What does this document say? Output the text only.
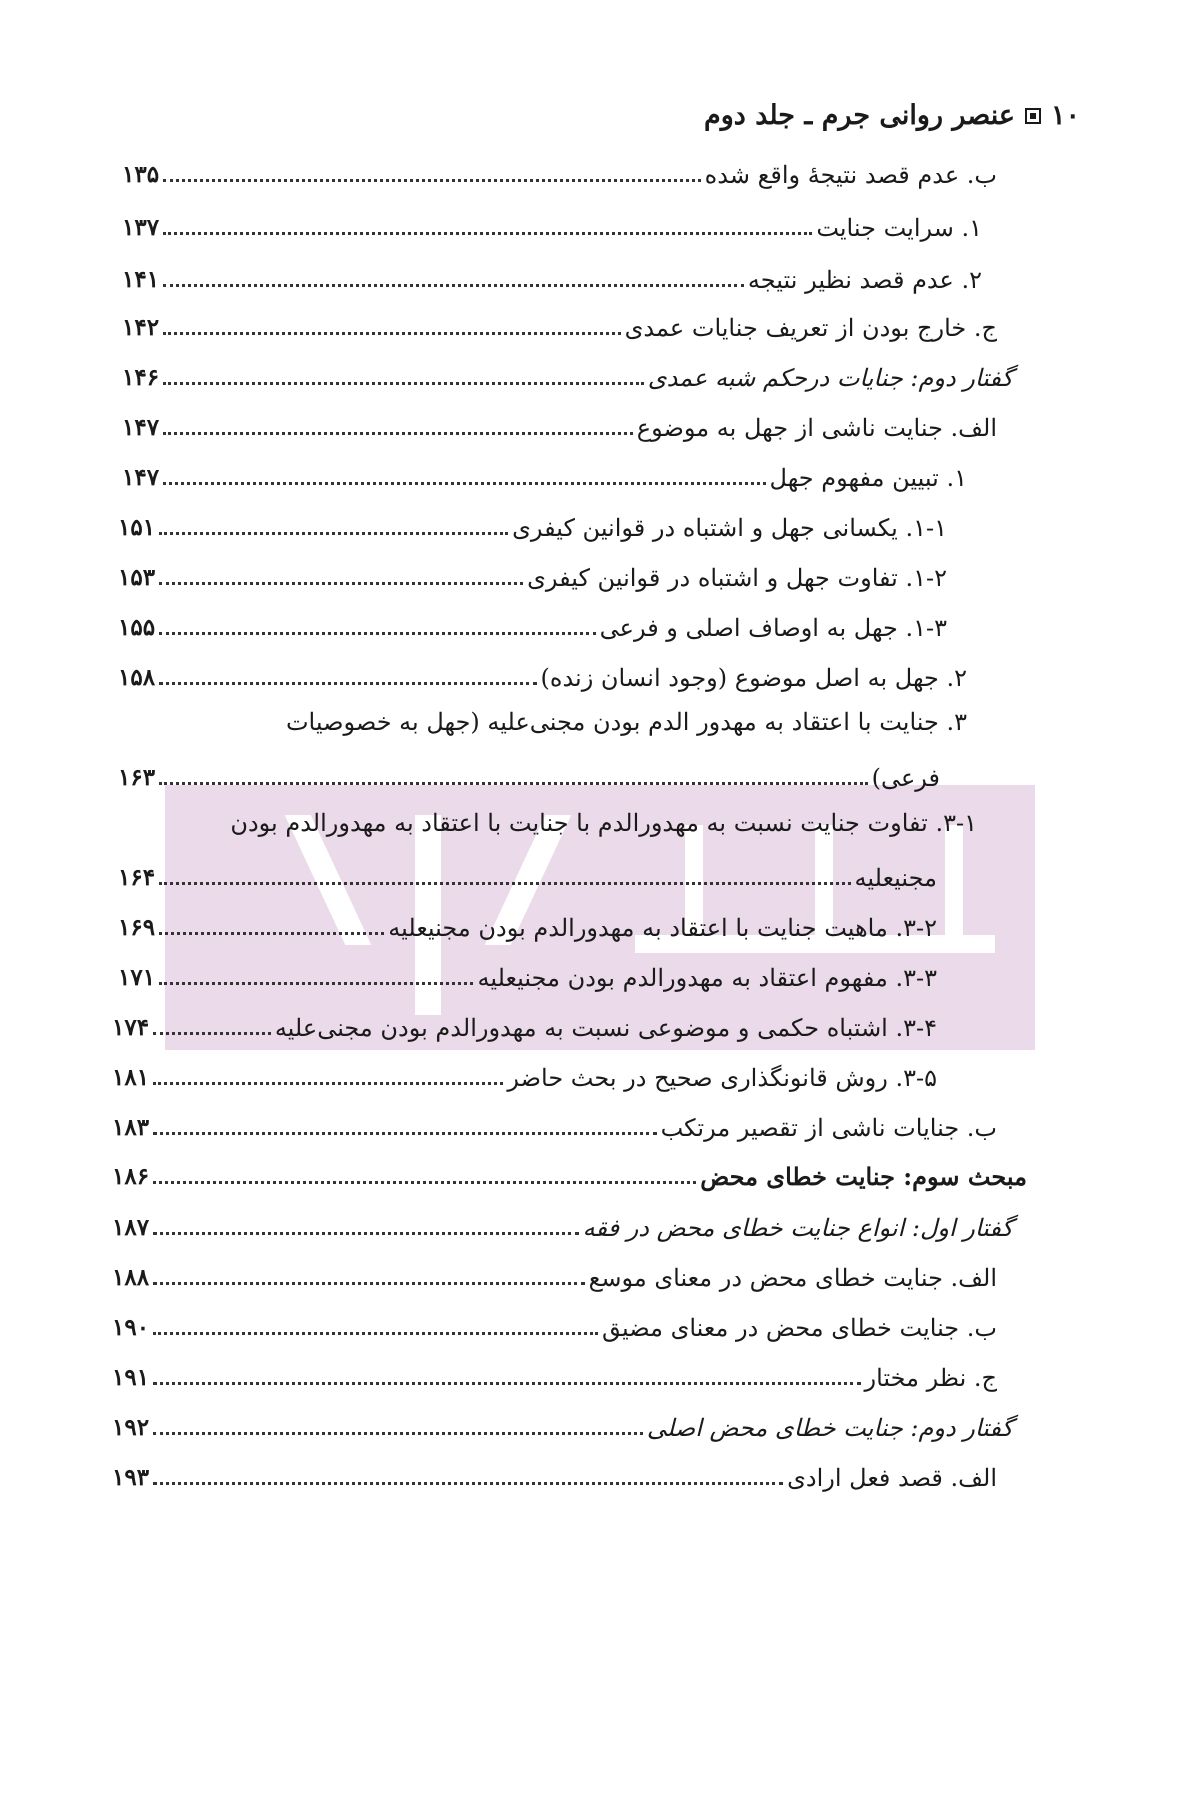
۱۰
عنصر روانی جرم ـ جلد دوم
ب. عدم قصد نتیجهٔ واقع شده
۱۳۵
۱. سرایت جنایت
۱۳۷
۲. عدم قصد نظیر نتیجه
۱۴۱
ج. خارج بودن از تعریف جنایات عمدی
۱۴۲
گفتار دوم: جنایات درحکم شبه عمدی
۱۴۶
الف. جنایت ناشی از جهل به موضوع
۱۴۷
۱. تبیین مفهوم جهل
۱۴۷
۱-۱. یکسانی جهل و اشتباه در قوانین کیفری
۱۵۱
۱-۲. تفاوت جهل و اشتباه در قوانین کیفری
۱۵۳
۱-۳. جهل به اوصاف اصلی و فرعی
۱۵۵
۲. جهل به اصل موضوع (وجود انسان زنده)
۱۵۸
۳. جنایت با اعتقاد به مهدور الدم بودن مجنی‌علیه (جهل به خصوصیات
فرعی)
۱۶۳
۳-۱. تفاوت جنایت نسبت به مهدورالدم با جنایت با اعتقاد به مهدورالدم بودن
مجنیعلیه
۱۶۴
۳-۲. ماهیت جنایت با اعتقاد به مهدورالدم بودن مجنیعلیه
۱۶۹
۳-۳. مفهوم اعتقاد به مهدورالدم بودن مجنیعلیه
۱۷۱
۳-۴. اشتباه حکمی و موضوعی نسبت به مهدورالدم بودن مجنی‌علیه
۱۷۴
۳-۵. روش قانونگذاری صحیح در بحث حاضر
۱۸۱
ب. جنایات ناشی از تقصیر مرتکب
۱۸۳
مبحث سوم: جنایت خطای محض
۱۸۶
گفتار اول: انواع جنایت خطای محض در فقه
۱۸۷
الف. جنایت خطای محض در معنای موسع
۱۸۸
ب. جنایت خطای محض در معنای مضیق
۱۹۰
ج. نظر مختار
۱۹۱
گفتار دوم: جنایت خطای محض اصلی
۱۹۲
الف. قصد فعل ارادی
۱۹۳
